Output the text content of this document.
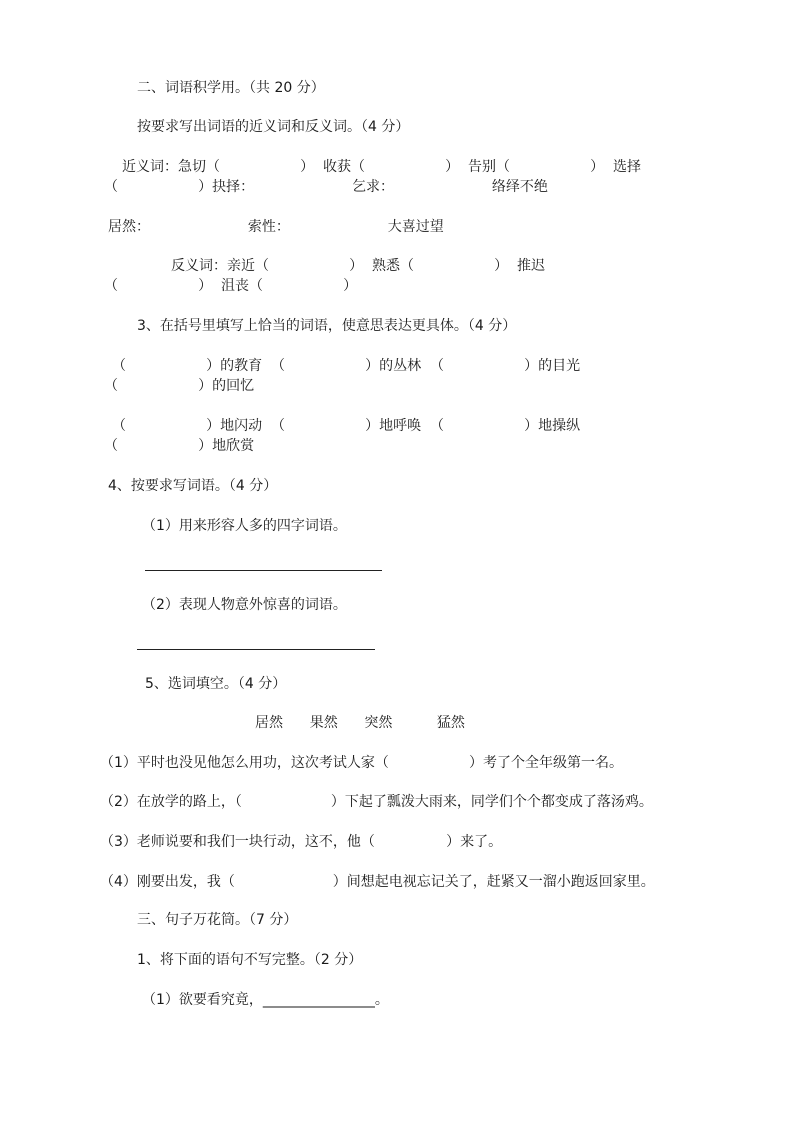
二、词语积学用。（共 20 分）
按要求写出词语的近义词和反义词。（4 分）
近义词：急切（                  ）  收获（                  ）  告别（                  ）  选择
（                  ）抉择：                      乞求：                      络绎不绝
居然：                      索性：                      大喜过望
反义词：亲近（                  ）  熟悉（                  ）  推迟
（                  ）  沮丧（                  ）
3、在括号里填写上恰当的词语，使意思表达更具体。（4 分）
（                  ）的教育  （                  ）的丛林  （                  ）的目光
（                  ）的回忆
（                  ）地闪动  （                  ）地呼唤  （                  ）地操纵
（                  ）地欣赏
4、按要求写词语。（4 分）
（1）用来形容人多的四字词语。
（2）表现人物意外惊喜的词语。
5、选词填空。（4 分）
居然      果然      突然          猛然
（1）平时也没见他怎么用功，这次考试人家（                  ）考了个全年级第一名。
（2）在放学的路上，（                    ）下起了瓢泼大雨来，同学们个个都变成了落汤鸡。
（3）老师说要和我们一块行动，这不，他（                ）来了。
（4）刚要出发，我（                      ）间想起电视忘记关了，赶紧又一溜小跑返回家里。
三、句子万花筒。（7 分）
1、将下面的语句不写完整。（2 分）
（1）欲要看究竟，________________。
